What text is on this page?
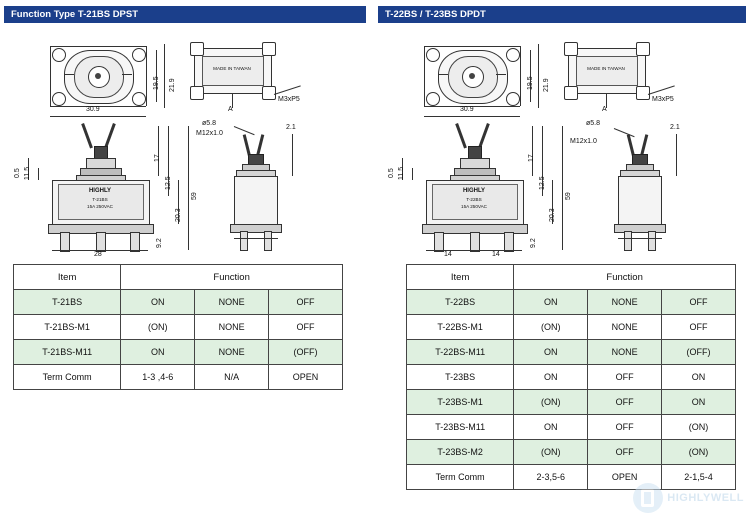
Function Type T-21BS DPST	T-22BS / T-23BS DPDT
30.9
19.5 21.9
MADE IN TAIWAN
M3xP5
A
HIGHLY
T-21BS
15A 250VAC
11.5
0.5
28
17
12.5
20.3
9.2
59
ø5.8
M12x1.0
2.1
30.9
19.5 21.9
MADE IN TAIWAN
M3xP5
A
HIGHLY
T-22BS
15A 250VAC
11.5
0.5
14	14
17
12.5
20.3
9.2
59
ø5.8
M12x1.0
2.1
Item	Function		
T-21BS	ON	NONE	OFF
T-21BS-M1	(ON)	NONE	OFF
T-21BS-M11	ON	NONE	(OFF)
Term Comm	1-3 ,4-6	N/A	OPEN
Item	Function		
T-22BS	ON	NONE	OFF
T-22BS-M1	(ON)	NONE	OFF
T-22BS-M11	ON	NONE	(OFF)
T-23BS	ON	OFF	ON
T-23BS-M1	(ON)	OFF	ON
T-23BS-M11	ON	OFF	(ON)
T-23BS-M2	(ON)	OFF	(ON)
Term Comm	2-3,5-6	OPEN	2-1,5-4
HIGHLYWELL
